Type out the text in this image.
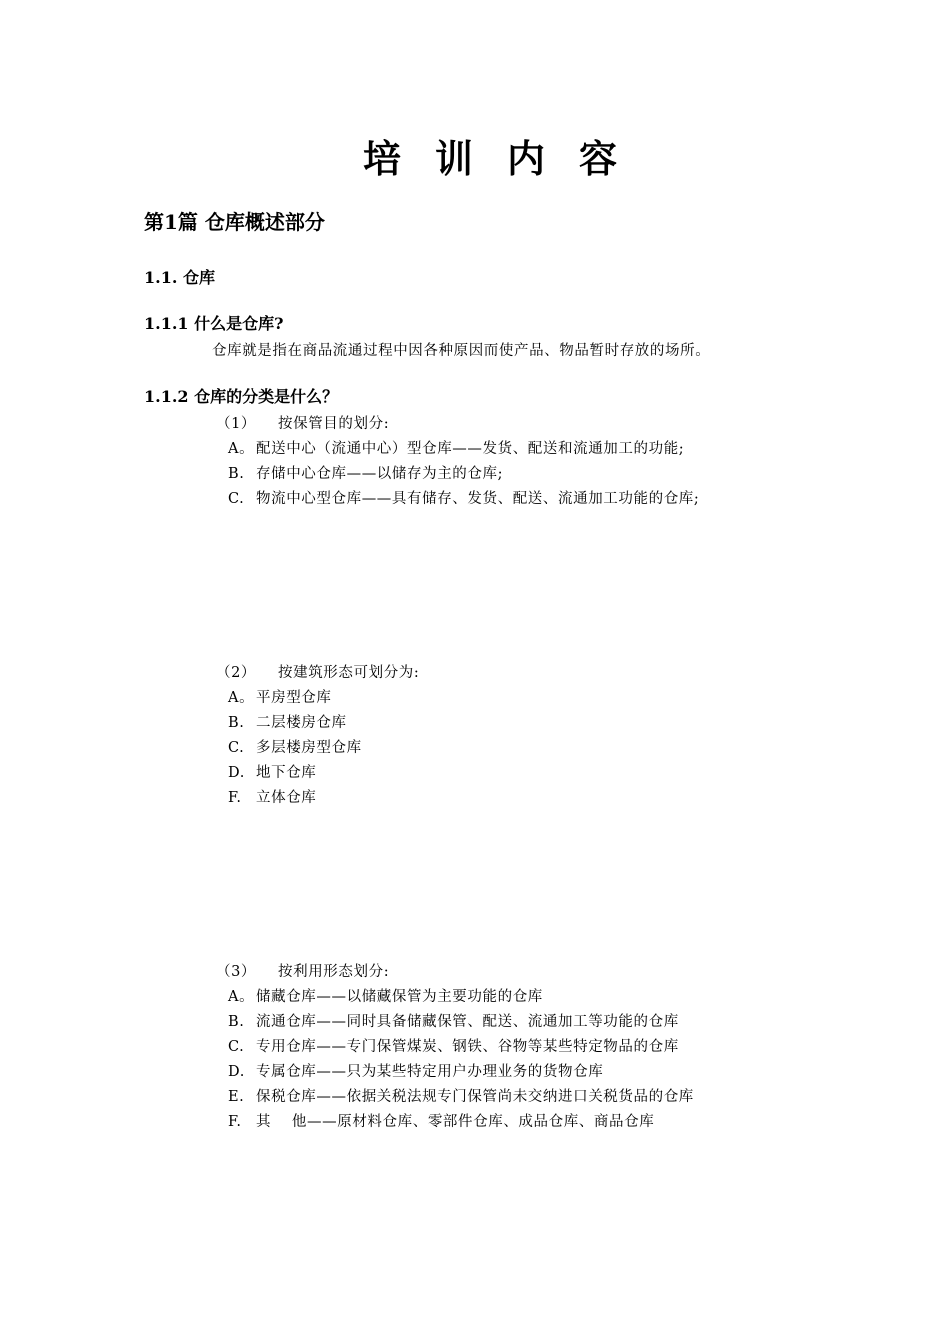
培训内容
第1篇 仓库概述部分
1.1. 仓库
1.1.1 什么是仓库?
仓库就是指在商品流通过程中因各种原因而使产品、物品暂时存放的场所。
1.1.2 仓库的分类是什么？
（1） 按保管目的划分:
A。 配送中心（流通中心）型仓库——发货、配送和流通加工的功能;
B. 存储中心仓库——以储存为主的仓库;
C. 物流中心型仓库——具有储存、发货、配送、流通加工功能的仓库;
（2） 按建筑形态可划分为:
A。 平房型仓库
B. 二层楼房仓库
C. 多层楼房型仓库
D. 地下仓库
F. 立体仓库
（3） 按利用形态划分:
A。 储藏仓库——以储藏保管为主要功能的仓库
B. 流通仓库——同时具备储藏保管、配送、流通加工等功能的仓库
C. 专用仓库——专门保管煤炭、钢铁、谷物等某些特定物品的仓库
D. 专属仓库——只为某些特定用户办理业务的货物仓库
E. 保税仓库——依据关税法规专门保管尚未交纳进口关税货品的仓库
F. 其    他——原材料仓库、零部件仓库、成品仓库、商品仓库
